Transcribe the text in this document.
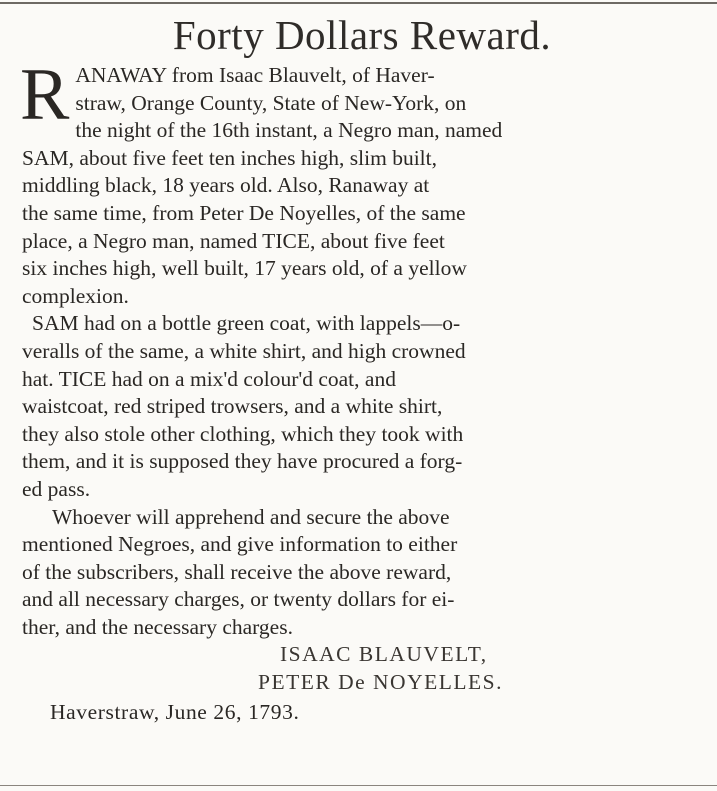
Forty Dollars Reward.
R ANAWAY from Isaac Blauvelt, of Haver-
straw, Orange County, State of New-York, on
the night of the 16th instant, a Negro man, named
SAM, about five feet ten inches high, slim built,
middling black, 18 years old. Also, Ranaway at
the same time, from Peter De Noyelles, of the same
place, a Negro man, named TICE, about five feet
six inches high, well built, 17 years old, of a yellow
complexion.
SAM had on a bottle green coat, with lappels—o-
veralls of the same, a white shirt, and high crowned
hat. TICE had on a mix'd colour'd coat, and
waistcoat, red striped trowsers, and a white shirt,
they also stole other clothing, which they took with
them, and it is supposed they have procured a forg-
ed pass.
Whoever will apprehend and secure the above
mentioned Negroes, and give information to either
of the subscribers, shall receive the above reward,
and all necessary charges, or twenty dollars for ei-
ther, and the necessary charges.
ISAAC BLAUVELT,
PETER De NOYELLES.
Haverstraw, June 26, 1793.
